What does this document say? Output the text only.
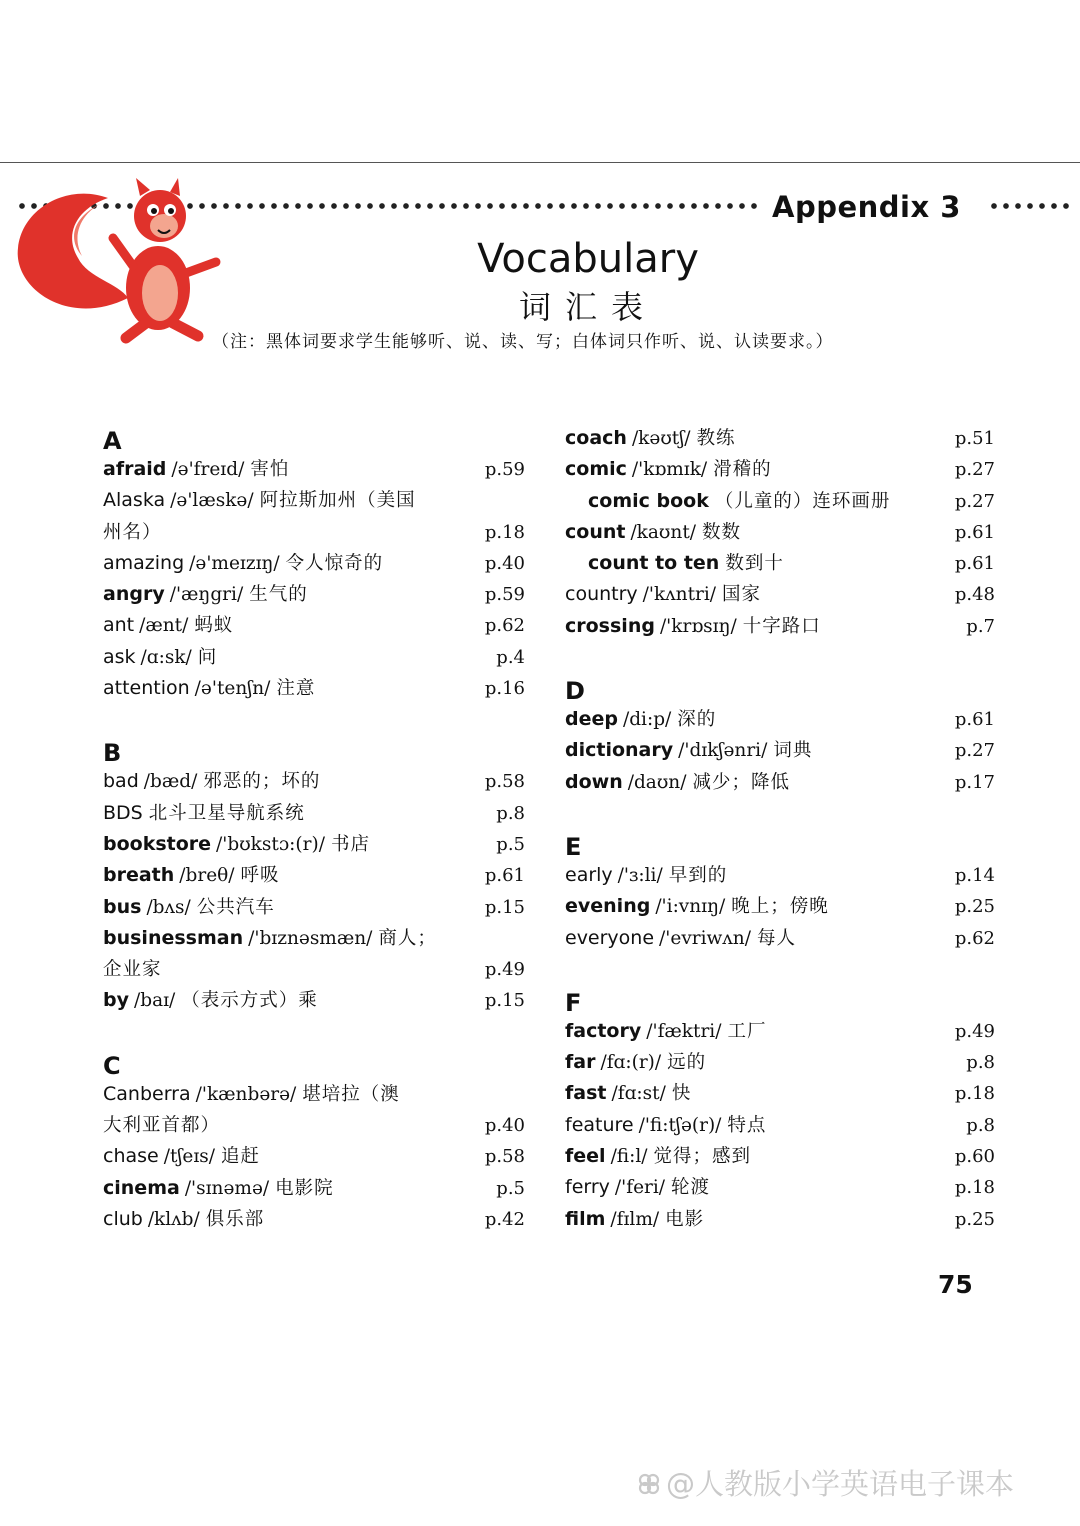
Appendix 3
Vocabulary
词汇表
（注：黑体词要求学生能够听、说、读、写；白体词只作听、说、认读要求。）
A
afraid /ə'freɪd/ 害怕	p.59
Alaska /ə'læskə/ 阿拉斯加州（美国
州名）	p.18
amazing /ə'meɪzɪŋ/ 令人惊奇的	p.40
angry /'æŋgri/ 生气的	p.59
ant /ænt/ 蚂蚁	p.62
ask /ɑ:sk/ 问	p.4
attention /ə'tenʃn/ 注意	p.16
B
bad /bæd/ 邪恶的；坏的	p.58
BDS 北斗卫星导航系统	p.8
bookstore /'bʊkstɔ:(r)/ 书店	p.5
breath /breθ/ 呼吸	p.61
bus /bʌs/ 公共汽车	p.15
businessman /'bɪznəsmæn/ 商人；
企业家	p.49
by /baɪ/ （表示方式）乘	p.15
C
Canberra /'kænbərə/ 堪培拉（澳
大利亚首都）	p.40
chase /tʃeɪs/ 追赶	p.58
cinema /'sɪnəmə/ 电影院	p.5
club /klʌb/ 俱乐部	p.42
coach /kəʊtʃ/ 教练	p.51
comic /'kɒmɪk/ 滑稽的	p.27
comic book （儿童的）连环画册	p.27
count /kaʊnt/ 数数	p.61
count to ten 数到十	p.61
country /'kʌntri/ 国家	p.48
crossing /'krɒsɪŋ/ 十字路口	p.7
D
deep /di:p/ 深的	p.61
dictionary /'dɪkʃənri/ 词典	p.27
down /daʊn/ 减少；降低	p.17
E
early /'ɜ:li/ 早到的	p.14
evening /'i:vnɪŋ/ 晚上；傍晚	p.25
everyone /'evriwʌn/ 每人	p.62
F
factory /'fæktri/ 工厂	p.49
far /fɑ:(r)/ 远的	p.8
fast /fɑ:st/ 快	p.18
feature /'fi:tʃə(r)/ 特点	p.8
feel /fi:l/ 觉得；感到	p.60
ferry /'feri/ 轮渡	p.18
film /fɪlm/ 电影	p.25
75
@人教版小学英语电子课本
